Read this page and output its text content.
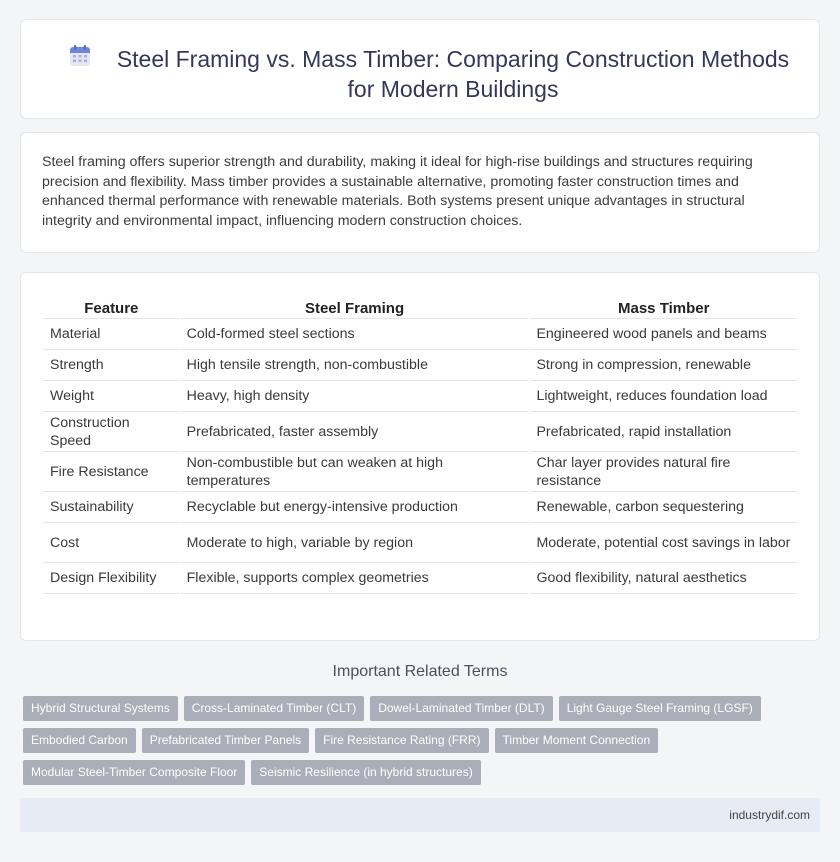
Steel Framing vs. Mass Timber: Comparing Construction Methods for Modern Buildings

Steel framing offers superior strength and durability, making it ideal for high-rise buildings and structures requiring precision and flexibility. Mass timber provides a sustainable alternative, promoting faster construction times and enhanced thermal performance with renewable materials. Both systems present unique advantages in structural integrity and environmental impact, influencing modern construction choices.

Feature	Steel Framing	Mass Timber
Material	Cold-formed steel sections	Engineered wood panels and beams
Strength	High tensile strength, non-combustible	Strong in compression, renewable
Weight	Heavy, high density	Lightweight, reduces foundation load
Construction Speed	Prefabricated, faster assembly	Prefabricated, rapid installation
Fire Resistance	Non-combustible but can weaken at high temperatures	Char layer provides natural fire resistance
Sustainability	Recyclable but energy-intensive production	Renewable, carbon sequestering
Cost	Moderate to high, variable by region	Moderate, potential cost savings in labor
Design Flexibility	Flexible, supports complex geometries	Good flexibility, natural aesthetics
Important Related Terms
Hybrid Structural Systems	Cross-Laminated Timber (CLT)	Dowel-Laminated Timber (DLT)	Light Gauge Steel Framing (LGSF)
Embodied Carbon	Prefabricated Timber Panels	Fire Resistance Rating (FRR)	Timber Moment Connection
Modular Steel-Timber Composite Floor	Seismic Resilience (in hybrid structures)
industrydif.com
